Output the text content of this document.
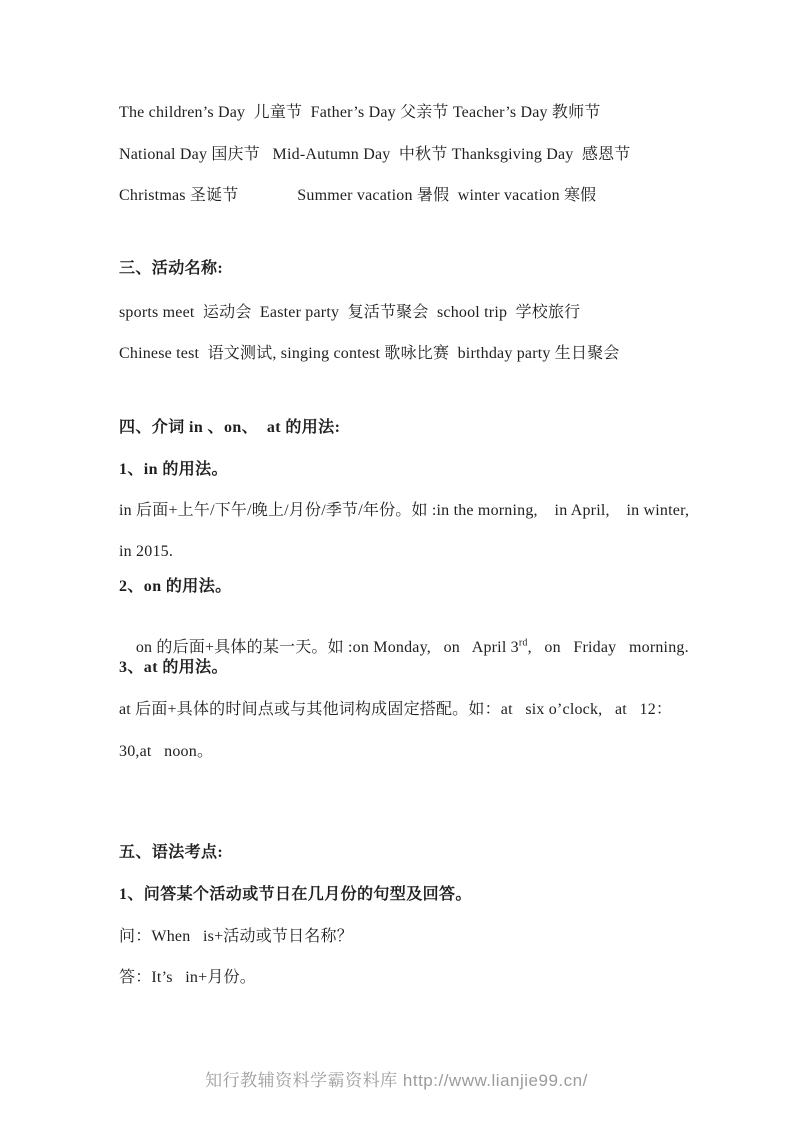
The children’s Day  儿童节  Father’s Day 父亲节 Teacher’s Day 教师节
National Day 国庆节   Mid-Autumn Day  中秋节 Thanksgiving Day  感恩节
Christmas 圣诞节              Summer vacation 暑假  winter vacation 寒假
三、活动名称:
sports meet  运动会  Easter party  复活节聚会  school trip  学校旅行
Chinese test  语文测试, singing contest 歌咏比赛  birthday party 生日聚会
四、介词 in 、on、  at 的用法:
1、in 的用法。
in 后面+上午/下午/晚上/月份/季节/年份。如 :in the morning,    in April,    in winter,
in 2015.
2、on 的用法。

on 的后面+具体的某一天。如 :on Monday,   on   April 3rd,   on   Friday   morning.

3、at 的用法。
at 后面+具体的时间点或与其他词构成固定搭配。如：at   six o’clock,   at   12：
30,at   noon。
五、语法考点:
1、问答某个活动或节日在几月份的句型及回答。
问：When   is+活动或节日名称？
答：It’s   in+月份。
知行教辅资料学霸资料库 http://www.lianjie99.cn/
